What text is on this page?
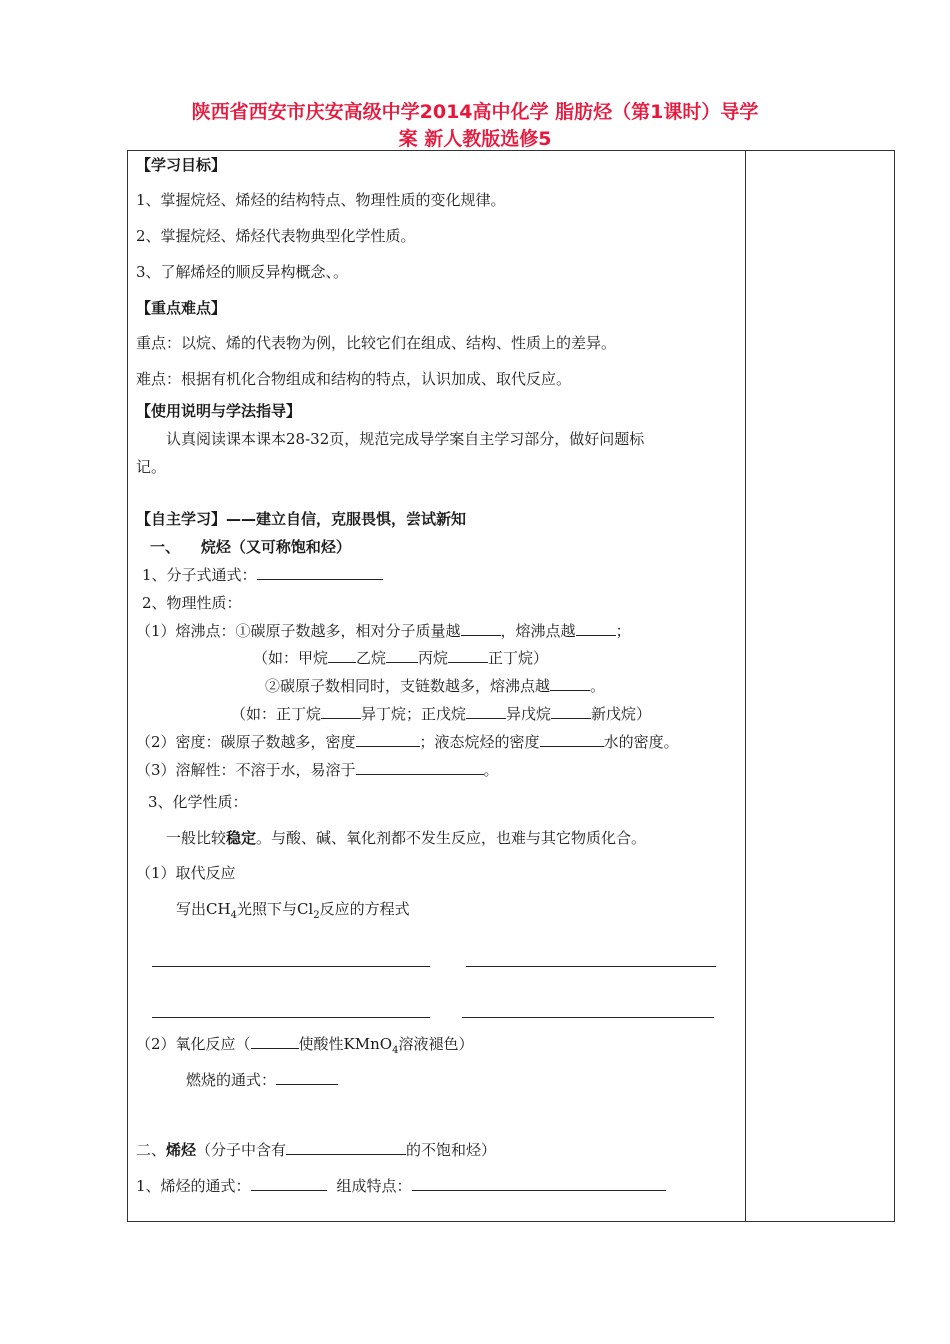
陕西省西安市庆安高级中学2014高中化学 脂肪烃（第1课时）导学
案 新人教版选修5
【学习目标】
1、掌握烷烃、烯烃的结构特点、物理性质的变化规律。
2、掌握烷烃、烯烃代表物典型化学性质。
3、了解烯烃的顺反异构概念、。
【重点难点】
重点：以烷、烯的代表物为例，比较它们在组成、结构、性质上的差异。
难点：根据有机化合物组成和结构的特点，认识加成、取代反应。
【使用说明与学法指导】
认真阅读课本课本28-32页，规范完成导学案自主学习部分，做好问题标
记。
【自主学习】——建立自信，克服畏惧，尝试新知
一、    烷烃（又可称饱和烃）
1、分子式通式：
2、物理性质：
（1）熔沸点：①碳原子数越多，相对分子质量越	，熔沸点越	；
（如：甲烷 乙烷 丙烷	正丁烷）
②碳原子数相同时，支链数越多，熔沸点越	。
（如：正丁烷	异丁烷；正戊烷	异戊烷	新戊烷）
（2）密度：碳原子数越多，密度	；液态烷烃的密度	水的密度。
（3）溶解性：不溶于水，易溶于	。
3、化学性质：
一般比较稳定。与酸、碱、氧化剂都不发生反应，也难与其它物质化合。
（1）取代反应
写出$CH_4$光照下与$Cl_2$反应的方程式
（2）氧化反应（	使酸性KMnO$_4$溶液褪色）
燃烧的通式：
二、烯烃（分子中含有	的不饱和烃）
1、烯烃的通式：	组成特点：
